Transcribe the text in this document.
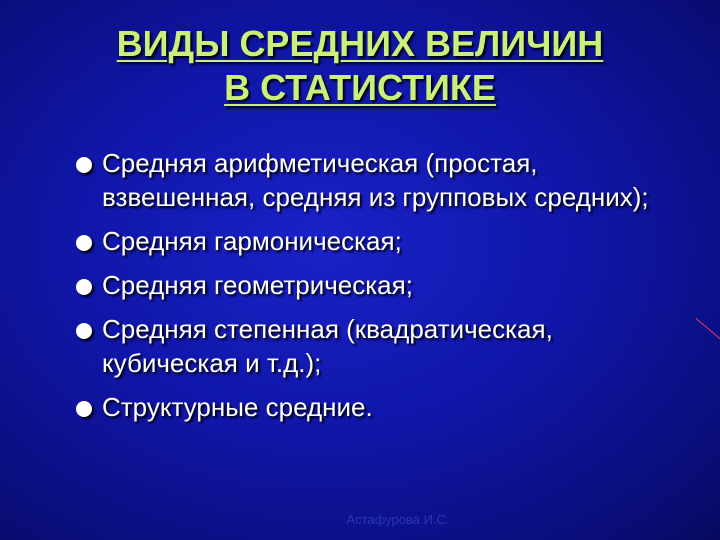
ВИДЫ СРЕДНИХ ВЕЛИЧИН
В СТАТИСТИКЕ
Средняя арифметическая (простая, взвешенная, средняя из групповых средних);
Средняя гармоническая;
Средняя геометрическая;
Средняя степенная (квадратическая, кубическая и т.д.);
Структурные средние.
Астафурова И.С.
